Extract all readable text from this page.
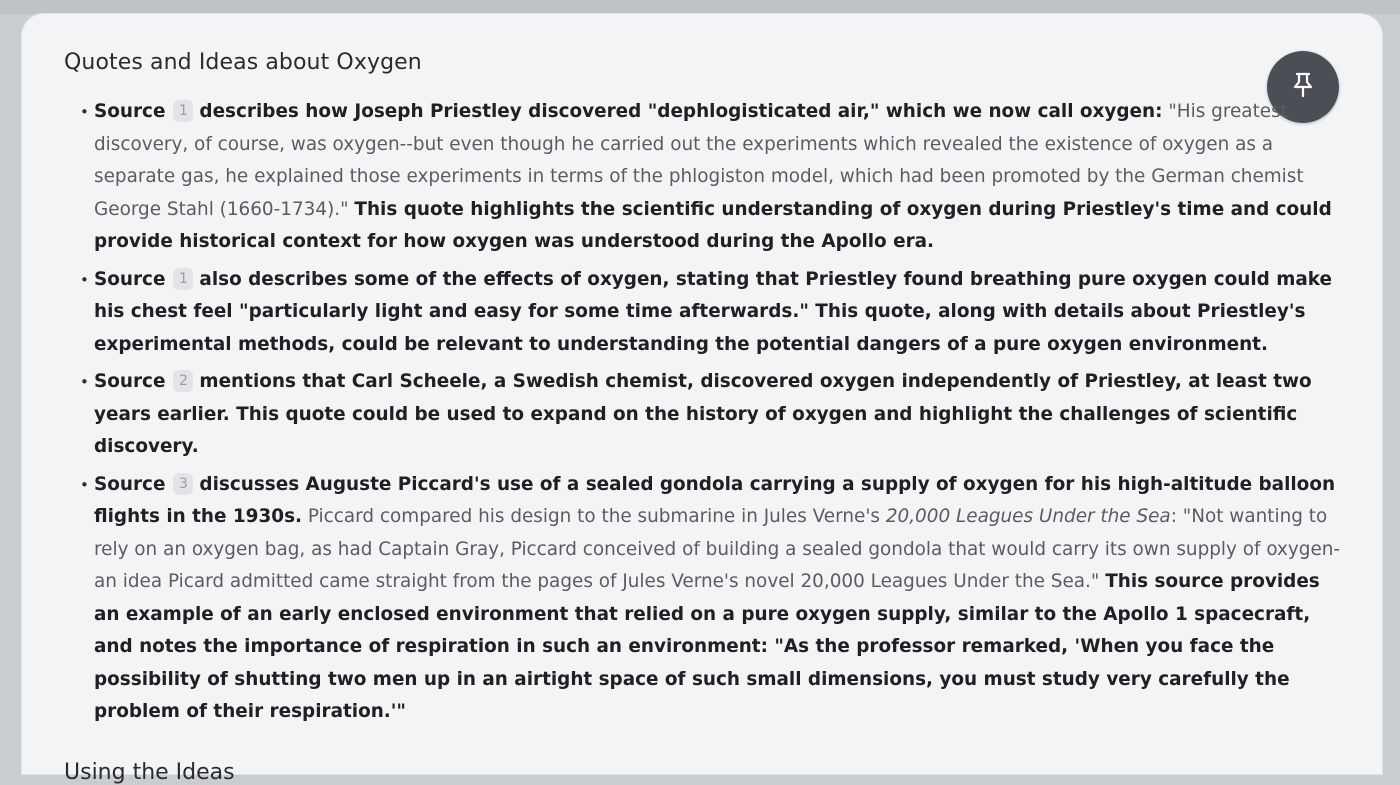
Quotes and Ideas about Oxygen
• Source 1 describes how Joseph Priestley discovered "dephlogisticated air," which we now call oxygen: "His greatest discovery, of course, was oxygen--but even though he carried out the experiments which revealed the existence of oxygen as a separate gas, he explained those experiments in terms of the phlogiston model, which had been promoted by the German chemist George Stahl (1660-1734)." This quote highlights the scientific understanding of oxygen during Priestley's time and could provide historical context for how oxygen was understood during the Apollo era.
• Source 1 also describes some of the effects of oxygen, stating that Priestley found breathing pure oxygen could make his chest feel "particularly light and easy for some time afterwards." This quote, along with details about Priestley's experimental methods, could be relevant to understanding the potential dangers of a pure oxygen environment.
• Source 2 mentions that Carl Scheele, a Swedish chemist, discovered oxygen independently of Priestley, at least two years earlier. This quote could be used to expand on the history of oxygen and highlight the challenges of scientific discovery.
• Source 3 discusses Auguste Piccard's use of a sealed gondola carrying a supply of oxygen for his high-altitude balloon flights in the 1930s. Piccard compared his design to the submarine in Jules Verne's 20,000 Leagues Under the Sea: "Not wanting to rely on an oxygen bag, as had Captain Gray, Piccard conceived of building a sealed gondola that would carry its own supply of oxygen-an idea Picard admitted came straight from the pages of Jules Verne's novel 20,000 Leagues Under the Sea." This source provides an example of an early enclosed environment that relied on a pure oxygen supply, similar to the Apollo 1 spacecraft, and notes the importance of respiration in such an environment: "As the professor remarked, 'When you face the possibility of shutting two men up in an airtight space of such small dimensions, you must study very carefully the problem of their respiration.'"
Using the Ideas
